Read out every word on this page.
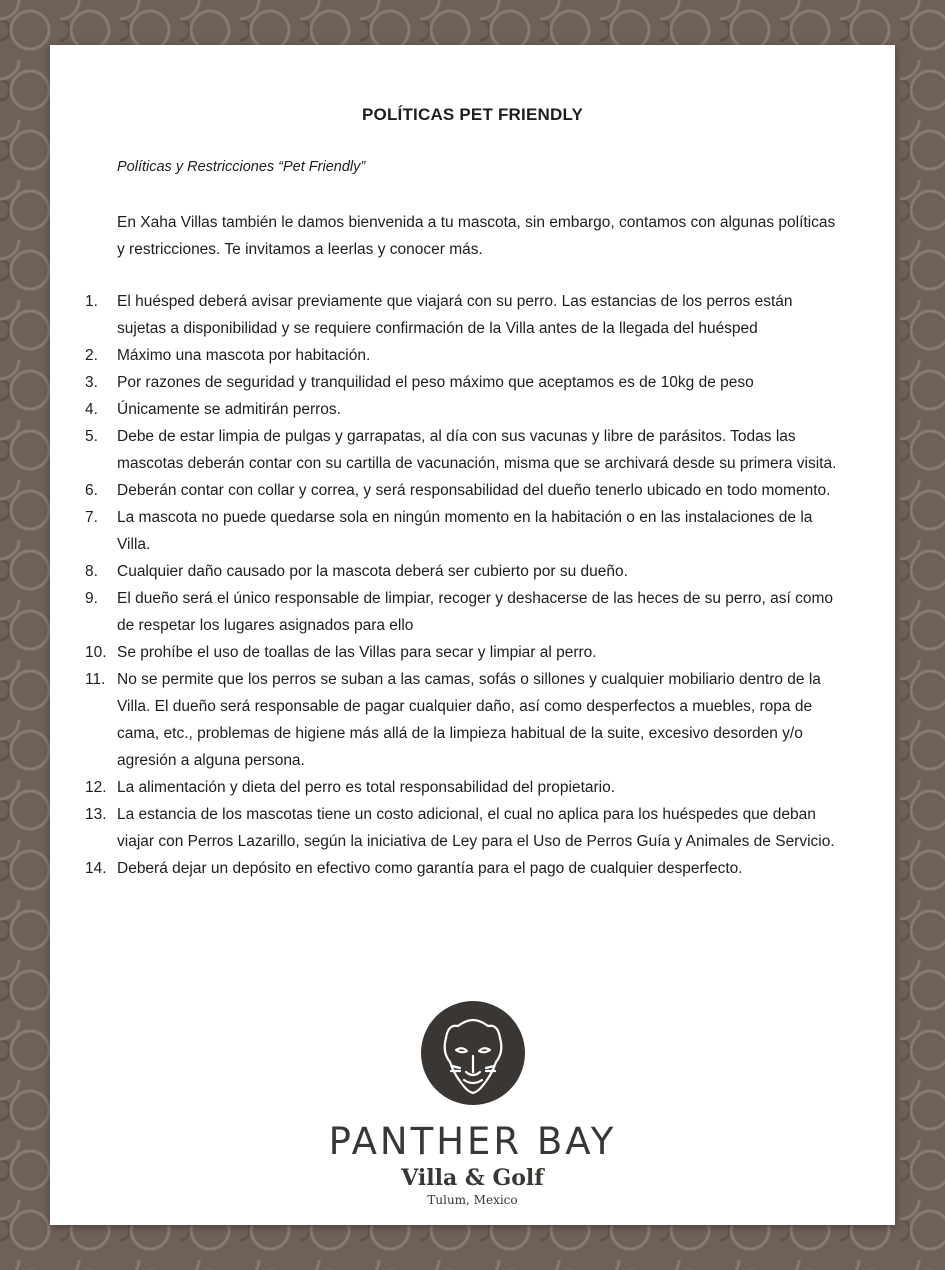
POLÍTICAS PET FRIENDLY

Políticas y Restricciones “Pet Friendly”

En Xaha Villas también le damos bienvenida a tu mascota, sin embargo, contamos con algunas políticas y restricciones. Te invitamos a leerlas y conocer más.

1. El huésped deberá avisar previamente que viajará con su perro. Las estancias de los perros están sujetas a disponibilidad y se requiere confirmación de la Villa antes de la llegada del huésped
2. Máximo una mascota por habitación.
3. Por razones de seguridad y tranquilidad el peso máximo que aceptamos es de 10kg de peso
4. Únicamente se admitirán perros.
5. Debe de estar limpia de pulgas y garrapatas, al día con sus vacunas y libre de parásitos. Todas las mascotas deberán contar con su cartilla de vacunación, misma que se archivará desde su primera visita.
6. Deberán contar con collar y correa, y será responsabilidad del dueño tenerlo ubicado en todo momento.
7. La mascota no puede quedarse sola en ningún momento en la habitación o en las instalaciones de la Villa.
8. Cualquier daño causado por la mascota deberá ser cubierto por su dueño.
9. El dueño será el único responsable de limpiar, recoger y deshacerse de las heces de su perro, así como de respetar los lugares asignados para ello
10. Se prohíbe el uso de toallas de las Villas para secar y limpiar al perro.
11. No se permite que los perros se suban a las camas, sofás o sillones y cualquier mobiliario dentro de la Villa. El dueño será responsable de pagar cualquier daño, así como desperfectos a muebles, ropa de cama, etc., problemas de higiene más allá de la limpieza habitual de la suite, excesivo desorden y/o agresión a alguna persona.
12. La alimentación y dieta del perro es total responsabilidad del propietario.
13. La estancia de los mascotas tiene un costo adicional, el cual no aplica para los huéspedes que deban viajar con Perros Lazarillo, según la iniciativa de Ley para el Uso de Perros Guía y Animales de Servicio.
14. Deberá dejar un depósito en efectivo como garantía para el pago de cualquier desperfecto.

PANTHER BAY

Villa & Golf

Tulum, Mexico
